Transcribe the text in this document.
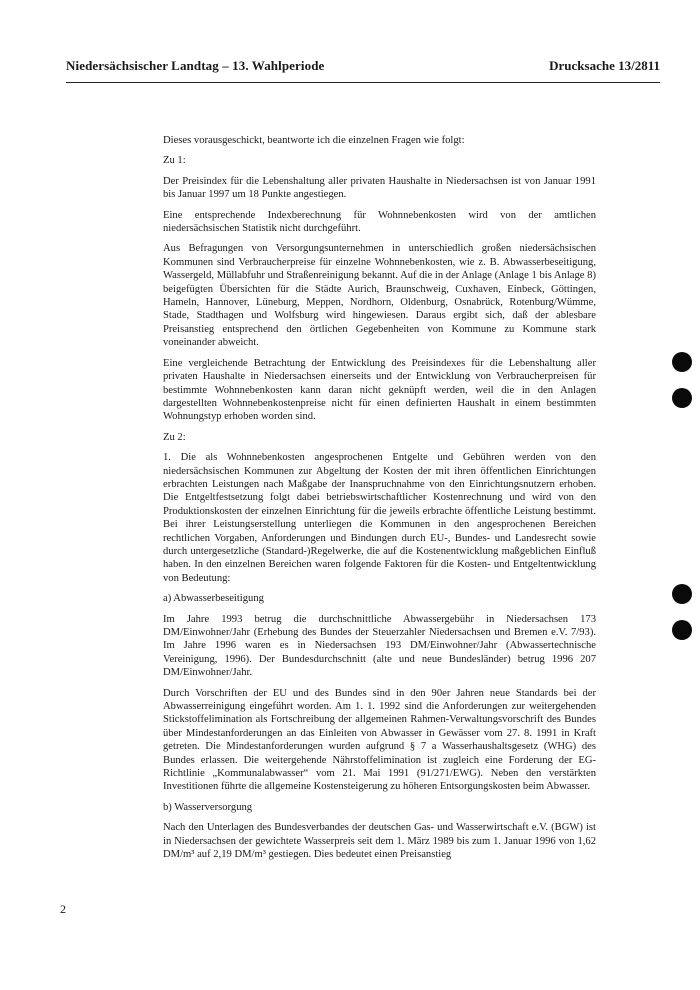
Niedersächsischer Landtag – 13. Wahlperiode	Drucksache 13/2811

Dieses vorausgeschickt, beantworte ich die einzelnen Fragen wie folgt:

Zu 1:

Der Preisindex für die Lebenshaltung aller privaten Haushalte in Niedersachsen ist von Januar 1991 bis Januar 1997 um 18 Punkte angestiegen.

Eine entsprechende Indexberechnung für Wohnnebenkosten wird von der amtlichen niedersächsischen Statistik nicht durchgeführt.

Aus Befragungen von Versorgungsunternehmen in unterschiedlich großen niedersächsischen Kommunen sind Verbraucherpreise für einzelne Wohnnebenkosten, wie z. B. Abwasserbeseitigung, Wassergeld, Müllabfuhr und Straßenreinigung bekannt. Auf die in der Anlage (Anlage 1 bis Anlage 8) beigefügten Übersichten für die Städte Aurich, Braunschweig, Cuxhaven, Einbeck, Göttingen, Hameln, Hannover, Lüneburg, Meppen, Nordhorn, Oldenburg, Osnabrück, Rotenburg/Wümme, Stade, Stadthagen und Wolfsburg wird hingewiesen. Daraus ergibt sich, daß der ablesbare Preisanstieg entsprechend den örtlichen Gegebenheiten von Kommune zu Kommune stark voneinander abweicht.

Eine vergleichende Betrachtung der Entwicklung des Preisindexes für die Lebenshaltung aller privaten Haushalte in Niedersachsen einerseits und der Entwicklung von Verbraucherpreisen für bestimmte Wohnnebenkosten kann daran nicht geknüpft werden, weil die in den Anlagen dargestellten Wohnnebenkostenpreise nicht für einen definierten Haushalt in einem bestimmten Wohnungstyp erhoben worden sind.

Zu 2:

1. Die als Wohnnebenkosten angesprochenen Entgelte und Gebühren werden von den niedersächsischen Kommunen zur Abgeltung der Kosten der mit ihren öffentlichen Einrichtungen erbrachten Leistungen nach Maßgabe der Inanspruchnahme von den Einrichtungsnutzern erhoben. Die Entgeltfestsetzung folgt dabei betriebswirtschaftlicher Kostenrechnung und wird von den Produktionskosten der einzelnen Einrichtung für die jeweils erbrachte öffentliche Leistung bestimmt. Bei ihrer Leistungserstellung unterliegen die Kommunen in den angesprochenen Bereichen rechtlichen Vorgaben, Anforderungen und Bindungen durch EU-, Bundes- und Landesrecht sowie durch untergesetzliche (Standard-)Regelwerke, die auf die Kostenentwicklung maßgeblichen Einfluß haben. In den einzelnen Bereichen waren folgende Faktoren für die Kosten- und Entgeltentwicklung von Bedeutung:

a) Abwasserbeseitigung

Im Jahre 1993 betrug die durchschnittliche Abwassergebühr in Niedersachsen 173 DM/Einwohner/Jahr (Erhebung des Bundes der Steuerzahler Niedersachsen und Bremen e.V. 7/93). Im Jahre 1996 waren es in Niedersachsen 193 DM/Einwohner/Jahr (Abwassertechnische Vereinigung, 1996). Der Bundesdurchschnitt (alte und neue Bundesländer) betrug 1996 207 DM/Einwohner/Jahr.

Durch Vorschriften der EU und des Bundes sind in den 90er Jahren neue Standards bei der Abwasserreinigung eingeführt worden. Am 1. 1. 1992 sind die Anforderungen zur weitergehenden Stickstoffelimination als Fortschreibung der allgemeinen Rahmen-Verwaltungsvorschrift des Bundes über Mindestanforderungen an das Einleiten von Abwasser in Gewässer vom 27. 8. 1991 in Kraft getreten. Die Mindestanforderungen wurden aufgrund § 7 a Wasserhaushaltsgesetz (WHG) des Bundes erlassen. Die weitergehende Nährstoffelimination ist zugleich eine Forderung der EG-Richtlinie „Kommunalabwasser“ vom 21. Mai 1991 (91/271/EWG). Neben den verstärkten Investitionen führte die allgemeine Kostensteigerung zu höheren Entsorgungskosten beim Abwasser.

b) Wasserversorgung

Nach den Unterlagen des Bundesverbandes der deutschen Gas- und Wasserwirtschaft e.V. (BGW) ist in Niedersachsen der gewichtete Wasserpreis seit dem 1. März 1989 bis zum 1. Januar 1996 von 1,62 DM/m³ auf 2,19 DM/m³ gestiegen. Dies bedeutet einen Preisanstieg

2
